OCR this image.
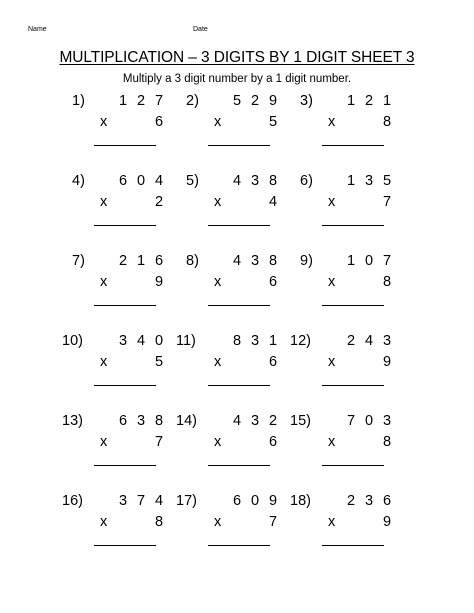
Name	Date
MULTIPLICATION – 3 DIGITS BY 1 DIGIT SHEET 3
Multiply a 3 digit number by a 1 digit number.
1) 1 2 7
x	6
2) 5 2 9
x	5
3) 1 2 1
x	8
4) 6 0 4
x	2
5) 4 3 8
x	4
6) 1 3 5
x	7
7) 2 1 6
x	9
8) 4 3 8
x	6
9) 1 0 7
x	8
10) 3 4 0
x	5
11)	8 3 1
x	6
12) 2 4 3
x	9
13) 6 3 8
x	7
14) 4 3 2
x	6
15) 7 0 3
x	8
16) 3 7 4
x	8
17) 6 0 9
x	7
18) 2 3 6
x	9
